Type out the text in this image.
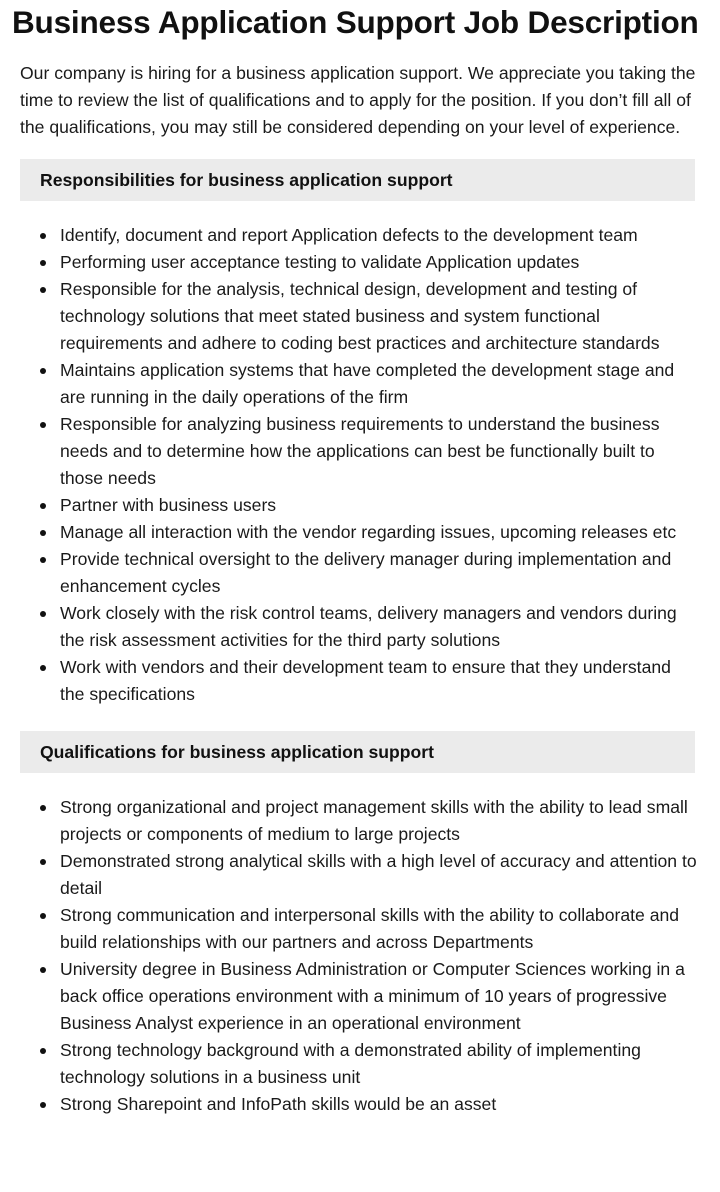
Business Application Support Job Description

Our company is hiring for a business application support. We appreciate you taking the time to review the list of qualifications and to apply for the position. If you don’t fill all of the qualifications, you may still be considered depending on your level of experience.

Responsibilities for business application support
Identify, document and report Application defects to the development team
Performing user acceptance testing to validate Application updates
Responsible for the analysis, technical design, development and testing of technology solutions that meet stated business and system functional requirements and adhere to coding best practices and architecture standards
Maintains application systems that have completed the development stage and are running in the daily operations of the firm
Responsible for analyzing business requirements to understand the business needs and to determine how the applications can best be functionally built to those needs
Partner with business users
Manage all interaction with the vendor regarding issues, upcoming releases etc
Provide technical oversight to the delivery manager during implementation and enhancement cycles
Work closely with the risk control teams, delivery managers and vendors during the risk assessment activities for the third party solutions
Work with vendors and their development team to ensure that they understand the specifications
Qualifications for business application support
Strong organizational and project management skills with the ability to lead small projects or components of medium to large projects
Demonstrated strong analytical skills with a high level of accuracy and attention to detail
Strong communication and interpersonal skills with the ability to collaborate and build relationships with our partners and across Departments
University degree in Business Administration or Computer Sciences working in a back office operations environment with a minimum of 10 years of progressive Business Analyst experience in an operational environment
Strong technology background with a demonstrated ability of implementing technology solutions in a business unit
Strong Sharepoint and InfoPath skills would be an asset
